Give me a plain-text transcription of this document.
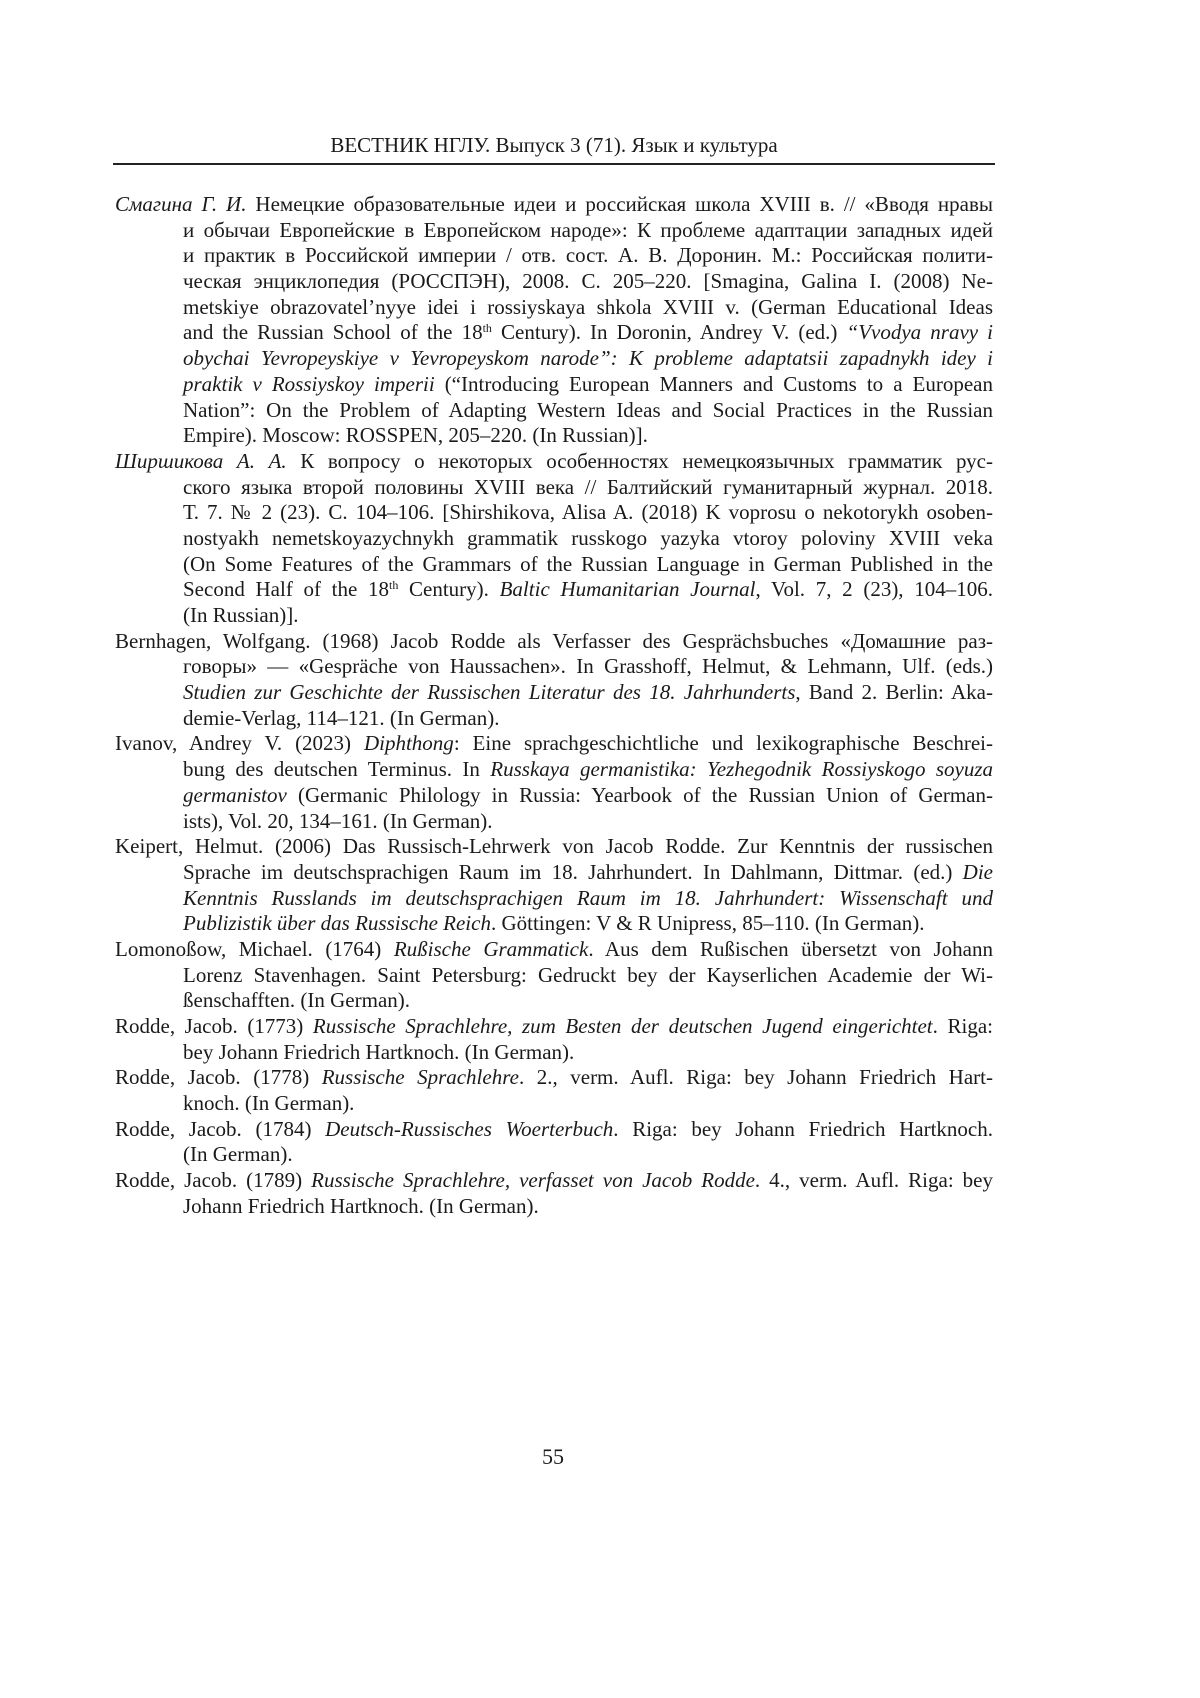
ВЕСТНИК НГЛУ. Выпуск 3 (71). Язык и культура
Смагина Г. И. Немецкие образовательные идеи и российская школа XVIII в. // «Вводя нравы
и обычаи Европейские в Европейском народе»: К проблеме адаптации западных идей
и практик в Российской империи / отв. сост. А. В. Доронин. М.: Российская полити-
ческая энциклопедия (РОССПЭН), 2008. С. 205–220. [Smagina, Galina I. (2008) Ne-
metskiye obrazovatel’nyye idei i rossiyskaya shkola XVIII v. (German Educational Ideas
and the Russian School of the 18th Century). In Doronin, Andrey V. (ed.) “Vvodya nravy i
obychai Yevropeyskiye v Yevropeyskom narode”: K probleme adaptatsii zapadnykh idey i
praktik v Rossiyskoy imperii (“Introducing European Manners and Customs to a European
Nation”: On the Problem of Adapting Western Ideas and Social Practices in the Russian
Empire). Moscow: ROSSPEN, 205–220. (In Russian)].
Ширшикова А. А. К вопросу о некоторых особенностях немецкоязычных грамматик рус-
ского языка второй половины XVIII века // Балтийский гуманитарный журнал. 2018.
Т. 7. № 2 (23). С. 104–106. [Shirshikova, Alisa A. (2018) K voprosu o nekotorykh osoben-
nostyakh nemetskoyazychnykh grammatik russkogo yazyka vtoroy poloviny XVIII veka
(On Some Features of the Grammars of the Russian Language in German Published in the
Second Half of the 18th Century). Baltic Humanitarian Journal, Vol. 7, 2 (23), 104–106.
(In Russian)].
Bernhagen, Wolfgang. (1968) Jacob Rodde als Verfasser des Gesprächsbuches «Домашние раз-
говоры» — «Gespräche von Haussachen». In Grasshoff, Helmut, & Lehmann, Ulf. (eds.)
Studien zur Geschichte der Russischen Literatur des 18. Jahrhunderts, Band 2. Berlin: Aka-
demie-Verlag, 114–121. (In German).
Ivanov, Andrey V. (2023) Diphthong: Eine sprachgeschichtliche und lexikographische Beschrei-
bung des deutschen Terminus. In Russkaya germanistika: Yezhegodnik Rossiyskogo soyuza
germanistov (Germanic Philology in Russia: Yearbook of the Russian Union of German-
ists), Vol. 20, 134–161. (In German).
Keipert, Helmut. (2006) Das Russisch-Lehrwerk von Jacob Rodde. Zur Kenntnis der russischen
Sprache im deutschsprachigen Raum im 18. Jahrhundert. In Dahlmann, Dittmar. (ed.) Die
Kenntnis Russlands im deutschsprachigen Raum im 18. Jahrhundert: Wissenschaft und
Publizistik über das Russische Reich. Göttingen: V & R Unipress, 85–110. (In German).
Lomonoßow, Michael. (1764) Rußische Grammatick. Aus dem Rußischen übersetzt von Johann
Lorenz Stavenhagen. Saint Petersburg: Gedruckt bey der Kayserlichen Academie der Wi-
ßenschafften. (In German).
Rodde, Jacob. (1773) Russische Sprachlehre, zum Besten der deutschen Jugend eingerichtet. Riga:
bey Johann Friedrich Hartknoch. (In German).
Rodde, Jacob. (1778) Russische Sprachlehre. 2., verm. Aufl. Riga: bey Johann Friedrich Hart-
knoch. (In German).
Rodde, Jacob. (1784) Deutsch-Russisches Woerterbuch. Riga: bey Johann Friedrich Hartknoch.
(In German).
Rodde, Jacob. (1789) Russische Sprachlehre, verfasset von Jacob Rodde. 4., verm. Aufl. Riga: bey
Johann Friedrich Hartknoch. (In German).
55
